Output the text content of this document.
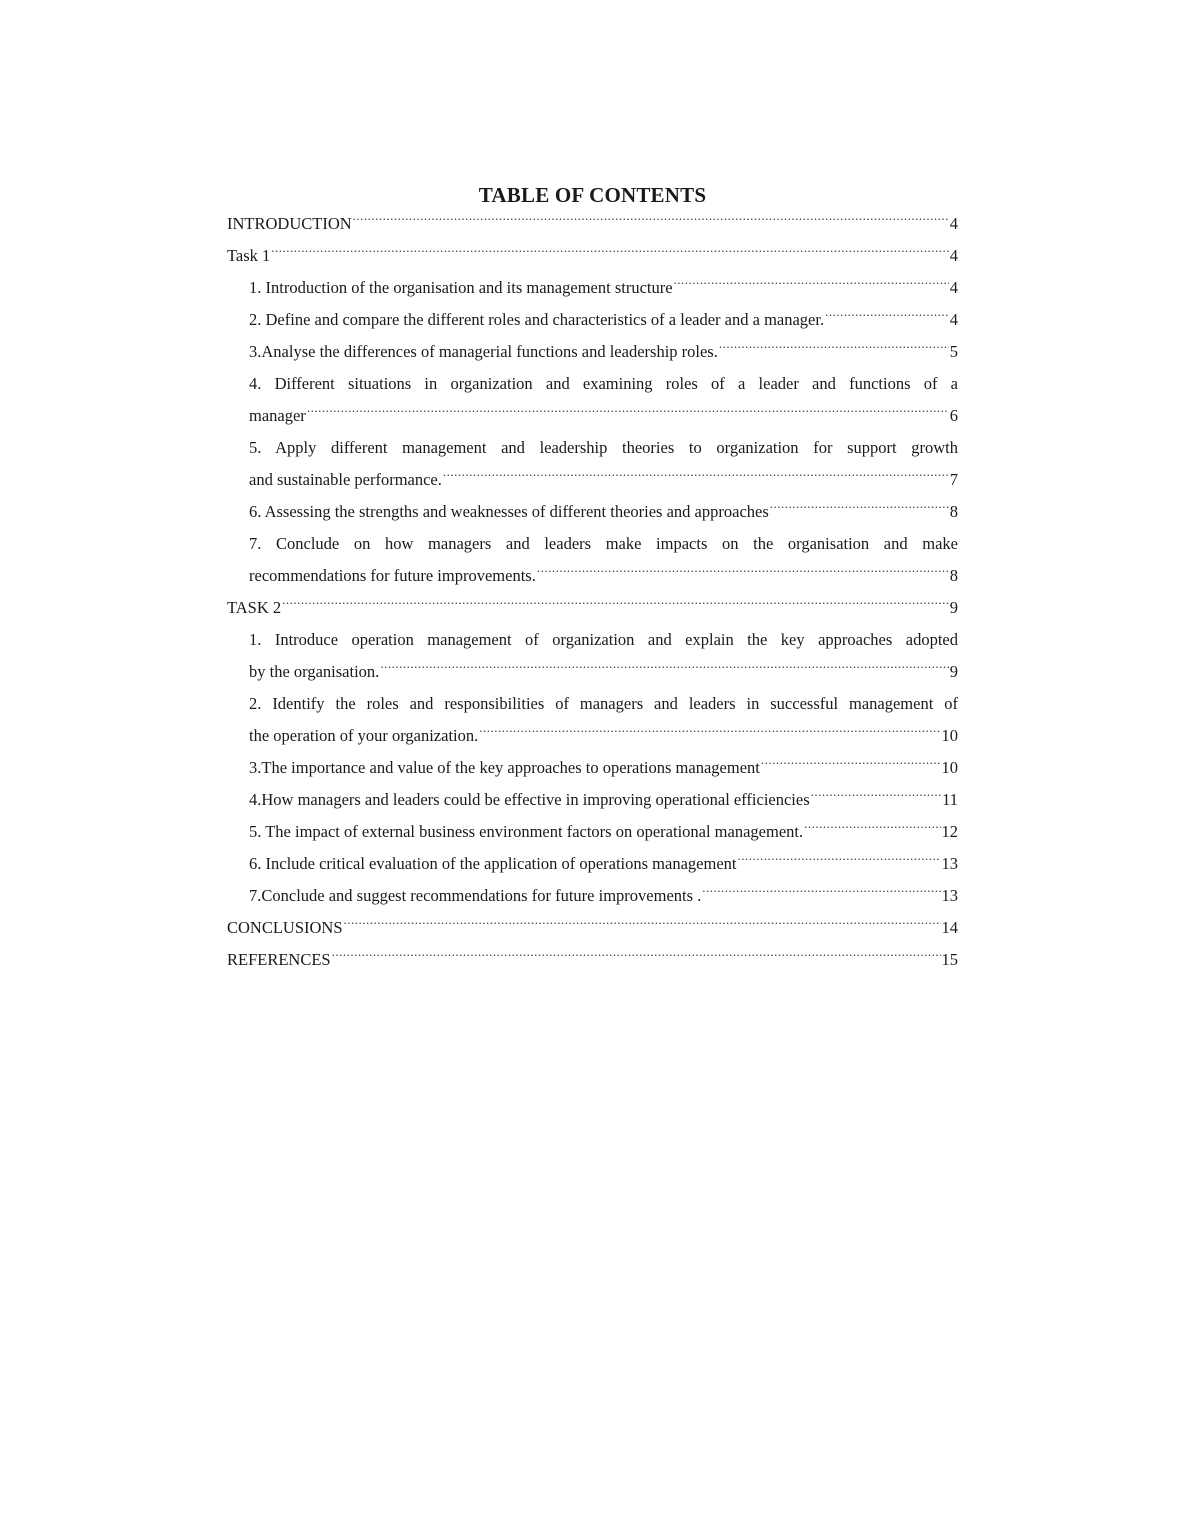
TABLE OF CONTENTS
INTRODUCTION .....	4
Task 1 .....	4
1. Introduction of the organisation and its management structure .....	4
2. Define and compare the different roles and characteristics of a leader and a manager. .....	4
3.Analyse the differences of managerial functions and leadership roles. .....	5
4. Different situations in organization and examining roles of a leader and functions of a
manager .....	6
5. Apply different management and leadership theories to organization for support growth
and sustainable performance. .....	7
6. Assessing the strengths and weaknesses of different theories and approaches .....	8
7. Conclude on how managers and leaders make impacts on the organisation and make
recommendations for future improvements. .....	8
TASK 2 .....	9
1. Introduce operation management of organization and explain the key approaches adopted
by the organisation. .....	9
2. Identify the roles and responsibilities of managers and leaders in successful management of
the operation of your organization. .....	10
3.The importance and value of the key approaches to operations management .....	10
4.How managers and leaders could be effective in improving operational efficiencies .....	11
5. The impact of external business environment factors on operational management. .....	12
6. Include critical evaluation of the application of operations management .....	13
7.Conclude and suggest recommendations for future improvements . .....	13
CONCLUSIONS .....	14
REFERENCES .....	15
